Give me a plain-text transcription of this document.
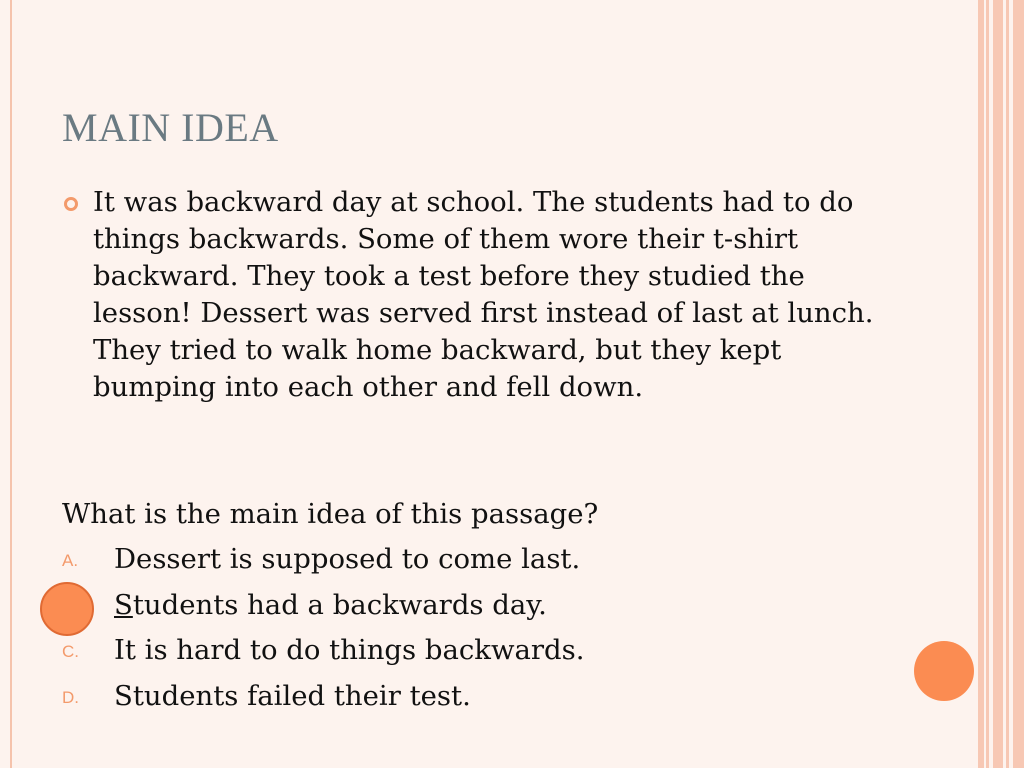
MAIN IDEA
It was backward day at school. The students had to do things backwards. Some of them wore their t-shirt backward. They took a test before they studied the lesson! Dessert was served first instead of last at lunch. They tried to walk home backward, but they kept bumping into each other and fell down.
What is the main idea of this passage?
A. Dessert is supposed to come last.
Students had a backwards day.
C. It is hard to do things backwards.
D. Students failed their test.
